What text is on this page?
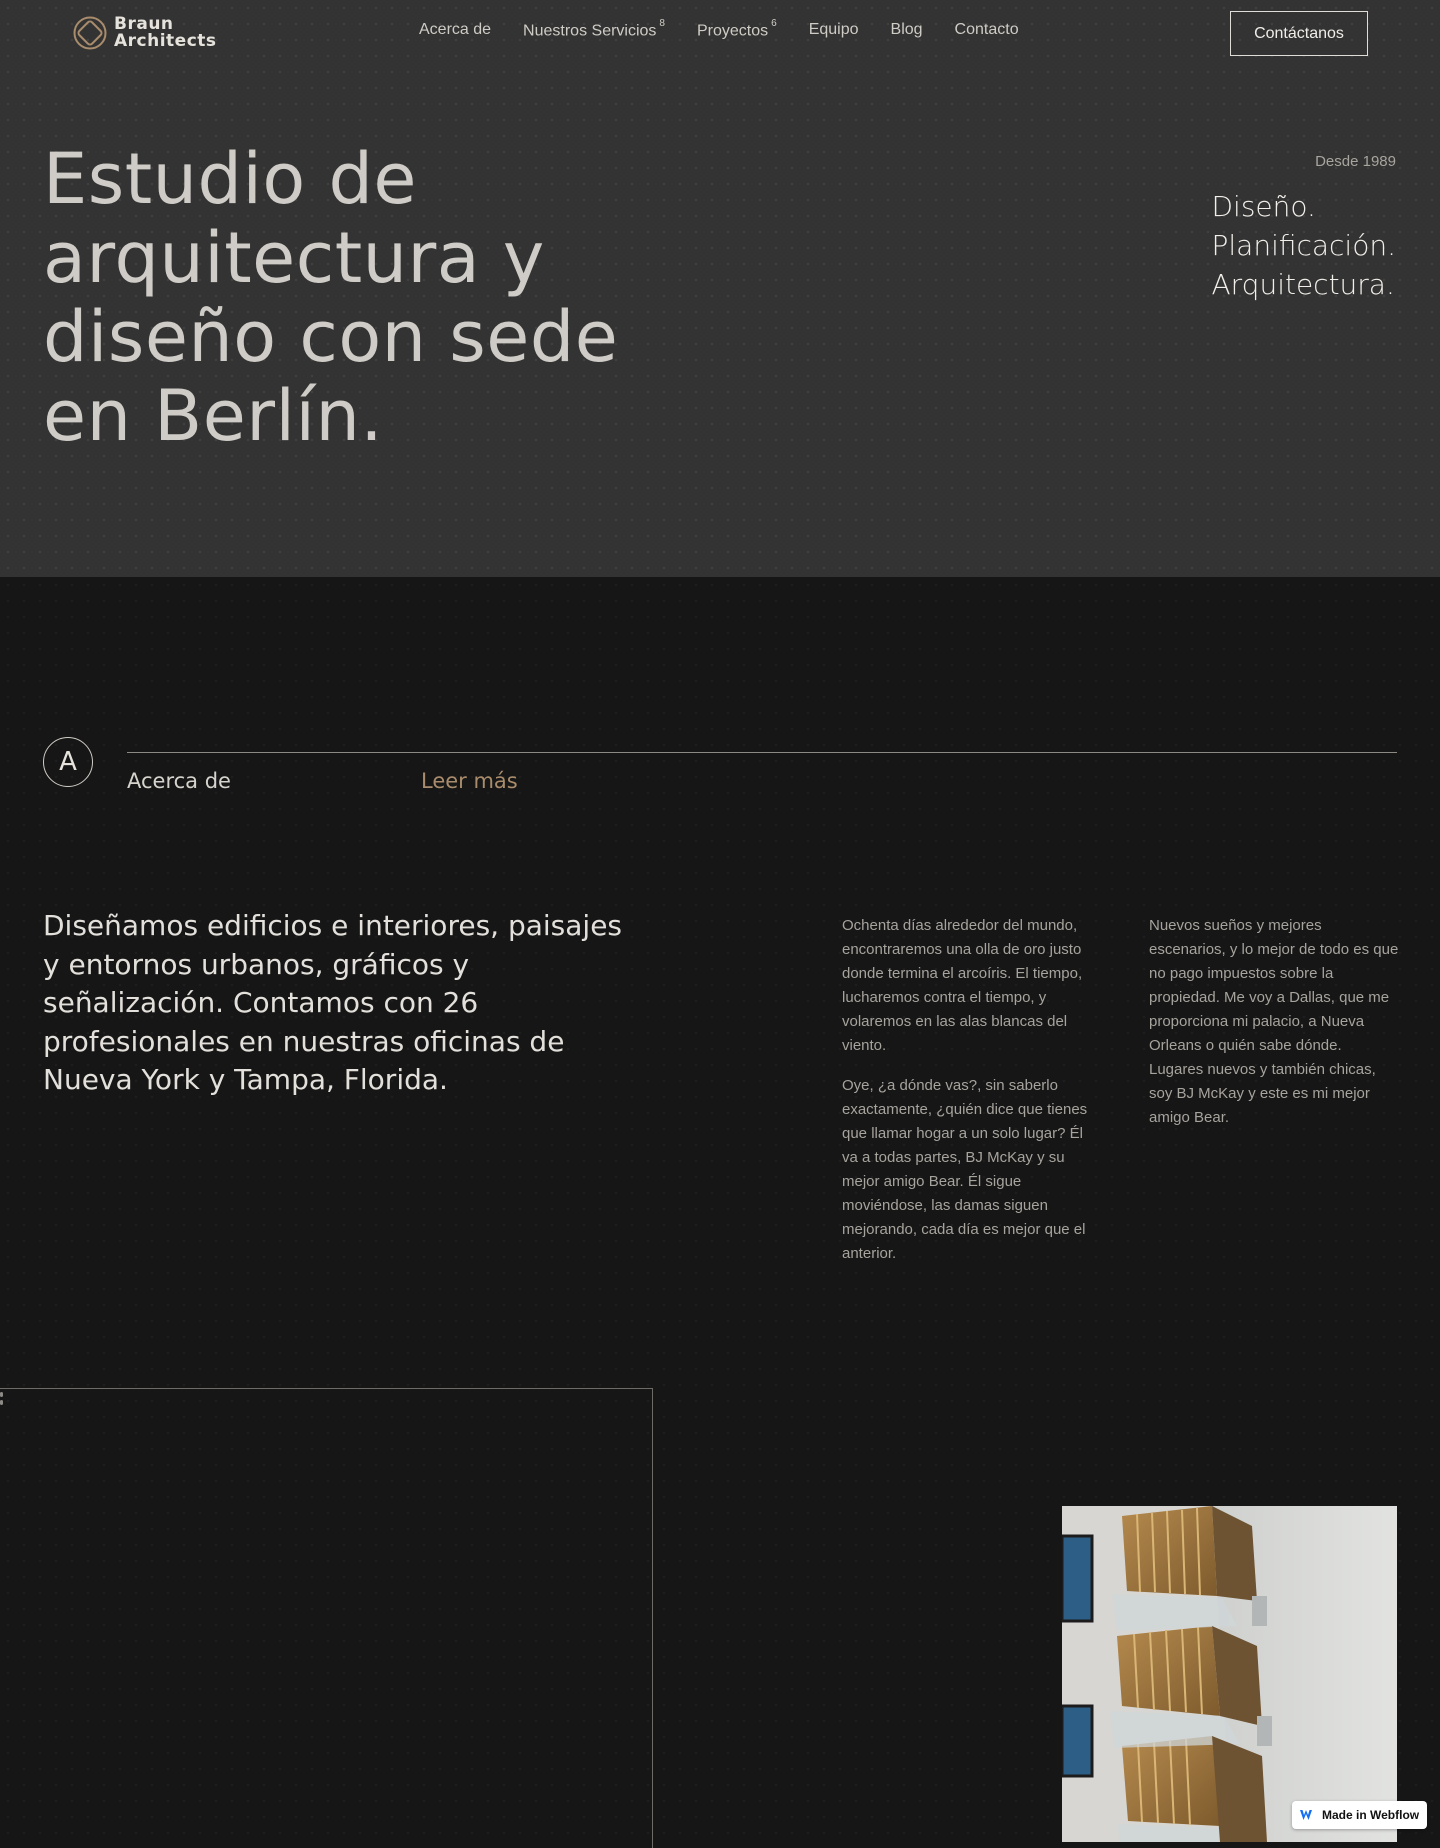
Braun
Architects
Acerca de Nuestros Servicios $^8$ Proyectos $^6$ Equipo Blog Contacto	Contáctanos
Estudio de arquitectura y diseño con sede en Berlín.
Desde 1989
Diseño.
Planificación.
Arquitectura.
A
Acerca de	Leer más
Diseñamos edificios e interiores, paisajes y entornos urbanos, gráficos y señalización. Contamos con 26 profesionales en nuestras oficinas de Nueva York y Tampa, Florida.

Ochenta días alrededor del mundo, encontraremos una olla de oro justo donde termina el arcoíris. El tiempo, lucharemos contra el tiempo, y volaremos en las alas blancas del viento.

Oye, ¿a dónde vas?, sin saberlo exactamente, ¿quién dice que tienes que llamar hogar a un solo lugar? Él va a todas partes, BJ McKay y su mejor amigo Bear. Él sigue moviéndose, las damas siguen mejorando, cada día es mejor que el anterior.

Nuevos sueños y mejores escenarios, y lo mejor de todo es que no pago impuestos sobre la propiedad. Me voy a Dallas, que me proporciona mi palacio, a Nueva Orleans o quién sabe dónde. Lugares nuevos y también chicas, soy BJ McKay y este es mi mejor amigo Bear.

Made in Webflow
